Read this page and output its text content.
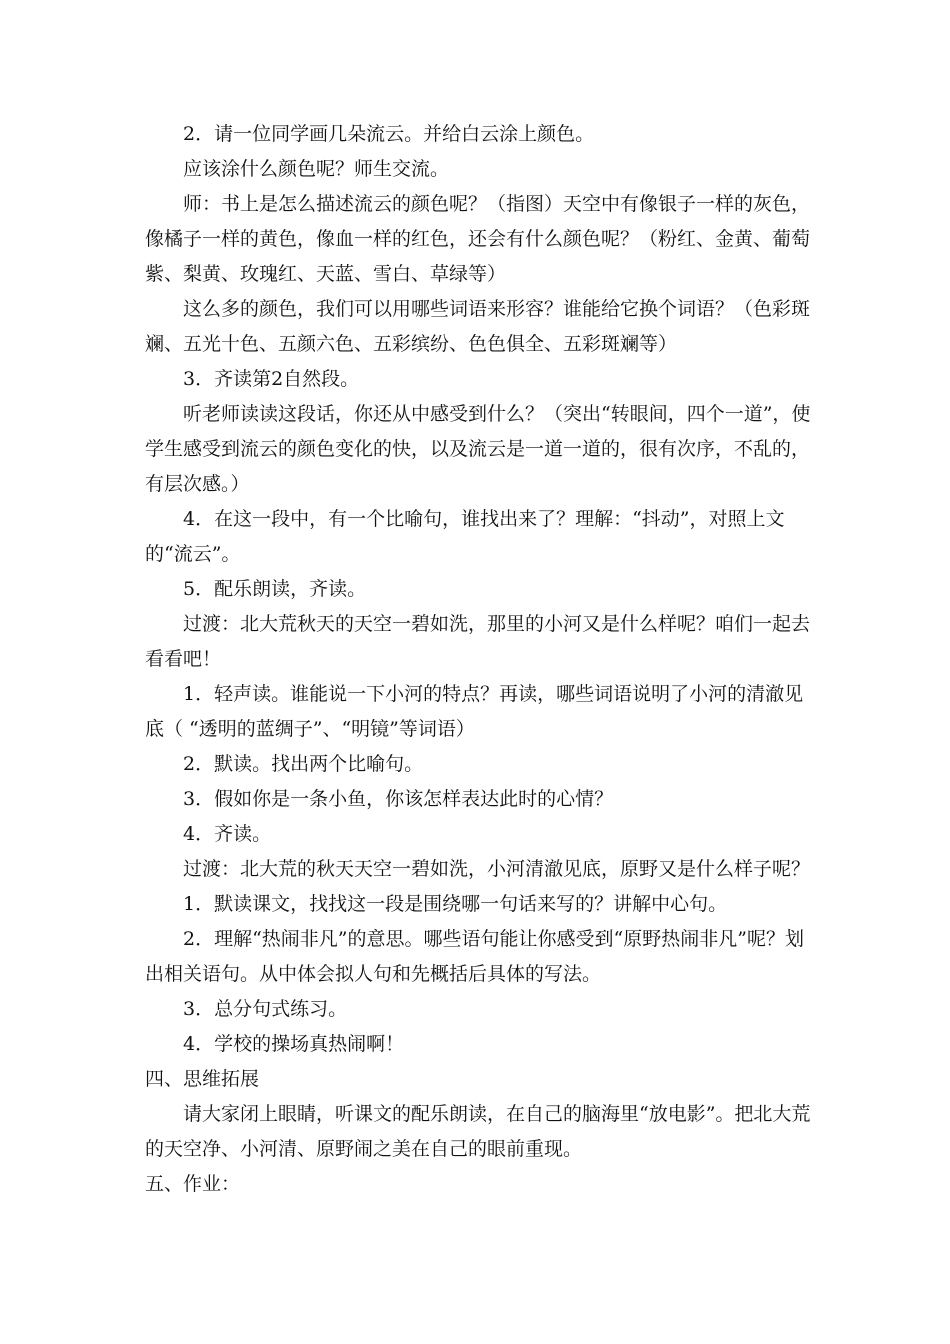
2．请一位同学画几朵流云。并给白云涂上颜色。

应该涂什么颜色呢？师生交流。

师：书上是怎么描述流云的颜色呢？（指图）天空中有像银子一样的灰色，像橘子一样的黄色，像血一样的红色，还会有什么颜色呢？（粉红、金黄、葡萄紫、梨黄、玫瑰红、天蓝、雪白、草绿等）

这么多的颜色，我们可以用哪些词语来形容？谁能给它换个词语？（色彩斑斓、五光十色、五颜六色、五彩缤纷、色色俱全、五彩斑斓等）

3．齐读第2自然段。

听老师读读这段话，你还从中感受到什么？（突出“转眼间，四个一道”，使学生感受到流云的颜色变化的快，以及流云是一道一道的，很有次序，不乱的，有层次感。）

4．在这一段中，有一个比喻句，谁找出来了？理解：“抖动”，对照上文的“流云”。

5．配乐朗读，齐读。

过渡：北大荒秋天的天空一碧如洗，那里的小河又是什么样呢？咱们一起去看看吧！

1．轻声读。谁能说一下小河的特点？再读，哪些词语说明了小河的清澈见底（ “透明的蓝绸子”、“明镜”等词语）

2．默读。找出两个比喻句。

3．假如你是一条小鱼，你该怎样表达此时的心情？

4．齐读。

过渡：北大荒的秋天天空一碧如洗，小河清澈见底，原野又是什么样子呢？

1．默读课文，找找这一段是围绕哪一句话来写的？讲解中心句。

2．理解“热闹非凡”的意思。哪些语句能让你感受到“原野热闹非凡”呢？划出相关语句。从中体会拟人句和先概括后具体的写法。

3．总分句式练习。

4．学校的操场真热闹啊！

四、思维拓展

请大家闭上眼睛，听课文的配乐朗读，在自己的脑海里“放电影”。把北大荒的天空净、小河清、原野闹之美在自己的眼前重现。

五、作业：
